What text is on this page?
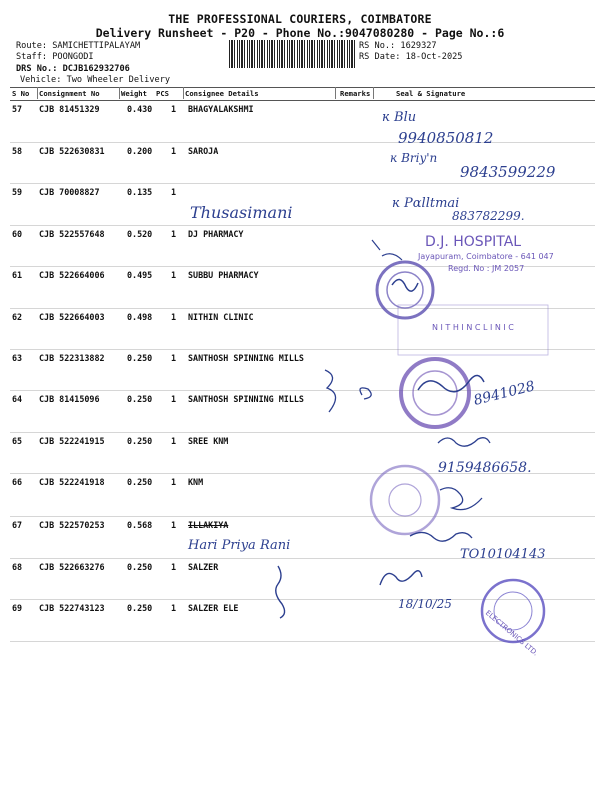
THE PROFESSIONAL COURIERS, COIMBATORE
Delivery Runsheet - P20 - Phone No.:9047080280 - Page No.:6
Route: SAMICHETTIPALAYAM
Staff: POONGODI
DRS No.: DCJB162932706
Vehicle: Two Wheeler Delivery
RS No.: 1629327
RS Date: 18-Oct-2025
S No Consignment No	Weight PCS Consignee Details	Remarks	Seal & Signature
57 CJB 81451329	0.430 1 BHAGYALAKSHMI
58 CJB 522630831	0.200 1 SAROJA
59 CJB 70008827	0.135 1
60 CJB 522557648	0.520 1 DJ PHARMACY
61 CJB 522664006	0.495 1 SUBBU PHARMACY
62 CJB 522664003	0.498 1 NITHIN CLINIC
63 CJB 522313882	0.250 1 SANTHOSH SPINNING MILLS
64 CJB 81415096	0.250 1 SANTHOSH SPINNING MILLS
65 CJB 522241915	0.250 1 SREE KNM
66 CJB 522241918	0.250 1 KNM
67 CJB 522570253	0.568 1 ILLAKIYA
68 CJB 522663276	0.250 1 SALZER
69 CJB 522743123	0.250 1 SALZER ELE
ĸ Blu
9940850812
ĸ Briy'n
9843599229
Thusasimani	ĸ Pɑlltmai
883782299.
D.J. HOSPITAL
Jayapuram, Coimbatore - 641 047
Regd. No : JM 2057
N I T H I N C L I N I C
8941028
9159486658.
Hari Priya Rani
TO10104143
18/10/25
ELECTRONICS LTD.
